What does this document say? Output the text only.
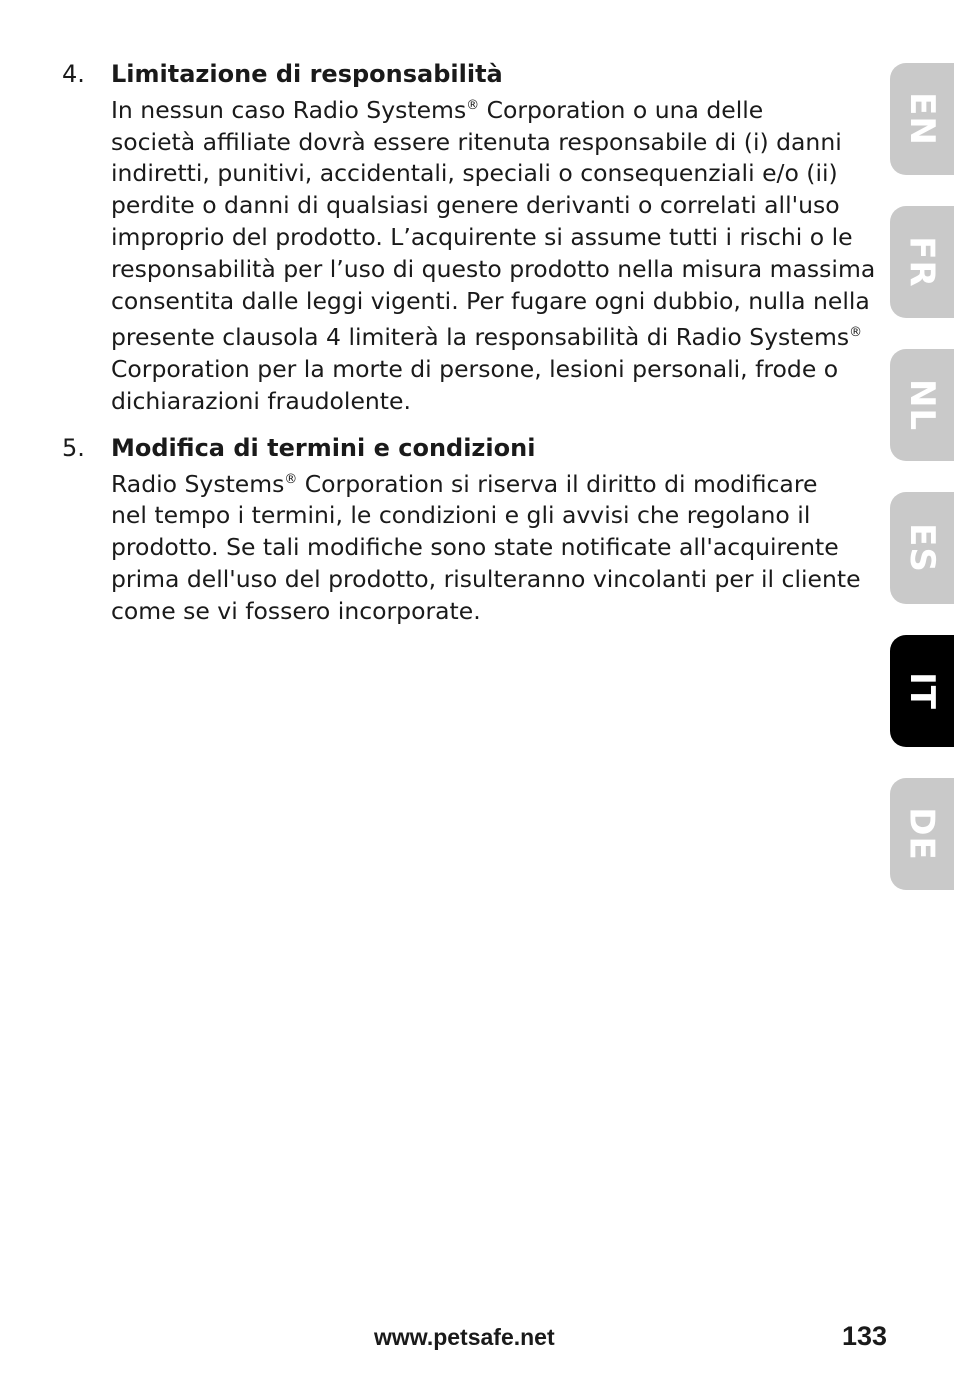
4. Limitazione di responsabilità
In nessun caso Radio Systems® Corporation o una delle
società affiliate dovrà essere ritenuta responsabile di (i) danni
indiretti, punitivi, accidentali, speciali o consequenziali e/o (ii)
perdite o danni di qualsiasi genere derivanti o correlati all'uso
improprio del prodotto. L’acquirente si assume tutti i rischi o le
responsabilità per l’uso di questo prodotto nella misura massima
consentita dalle leggi vigenti. Per fugare ogni dubbio, nulla nella
presente clausola 4 limiterà la responsabilità di Radio Systems®
Corporation per la morte di persone, lesioni personali, frode o
dichiarazioni fraudolente.
5. Modifica di termini e condizioni
Radio Systems® Corporation si riserva il diritto di modificare
nel tempo i termini, le condizioni e gli avvisi che regolano il
prodotto. Se tali modifiche sono state notificate all'acquirente
prima dell'uso del prodotto, risulteranno vincolanti per il cliente
come se vi fossero incorporate.
EN
FR
NL
ES
IT
DE
www.petsafe.net	133
